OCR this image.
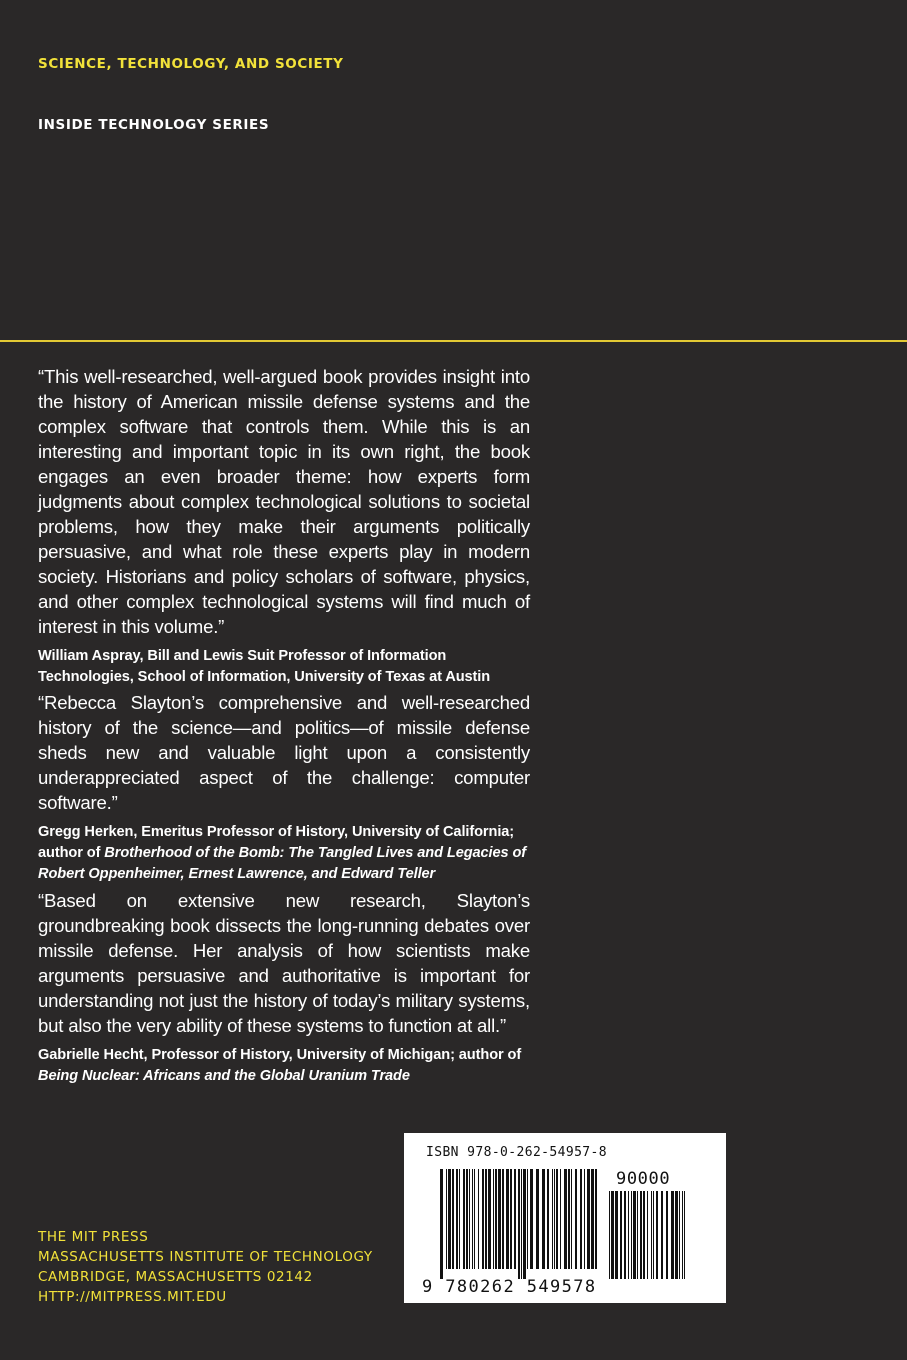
SCIENCE, TECHNOLOGY, AND SOCIETY
INSIDE TECHNOLOGY SERIES

“This well-researched, well-argued book provides insight into the history of American missile defense systems and the complex software that controls them. While this is an interesting and important topic in its own right, the book engages an even broader theme: how experts form judgments about complex technological solutions to societal problems, how they make their arguments politically persuasive, and what role these experts play in modern society. Historians and policy scholars of software, physics, and other complex technological systems will find much of interest in this volume.”

William Aspray, Bill and Lewis Suit Professor of Information Technologies, School of Information, University of Texas at Austin

“Rebecca Slayton’s comprehensive and well-researched history of the science—and politics—of missile defense sheds new and valuable light upon a consistently underappreciated aspect of the challenge: computer software.”

Gregg Herken, Emeritus Professor of History, University of California; author of Brotherhood of the Bomb: The Tangled Lives and Legacies of Robert Oppenheimer, Ernest Lawrence, and Edward Teller

“Based on extensive new research, Slayton’s groundbreaking book dissects the long-running debates over missile defense. Her analysis of how scientists make arguments persuasive and authoritative is important for understanding not just the history of today’s military systems, but also the very ability of these systems to function at all.”

Gabrielle Hecht, Professor of History, University of Michigan; author of Being Nuclear: Africans and the Global Uranium Trade

THE MIT PRESS
MASSACHUSETTS INSTITUTE OF TECHNOLOGY
CAMBRIDGE, MASSACHUSETTS 02142
HTTP://MITPRESS.MIT.EDU
ISBN 978-0-262-54957-8
90000
9 780262 549578
